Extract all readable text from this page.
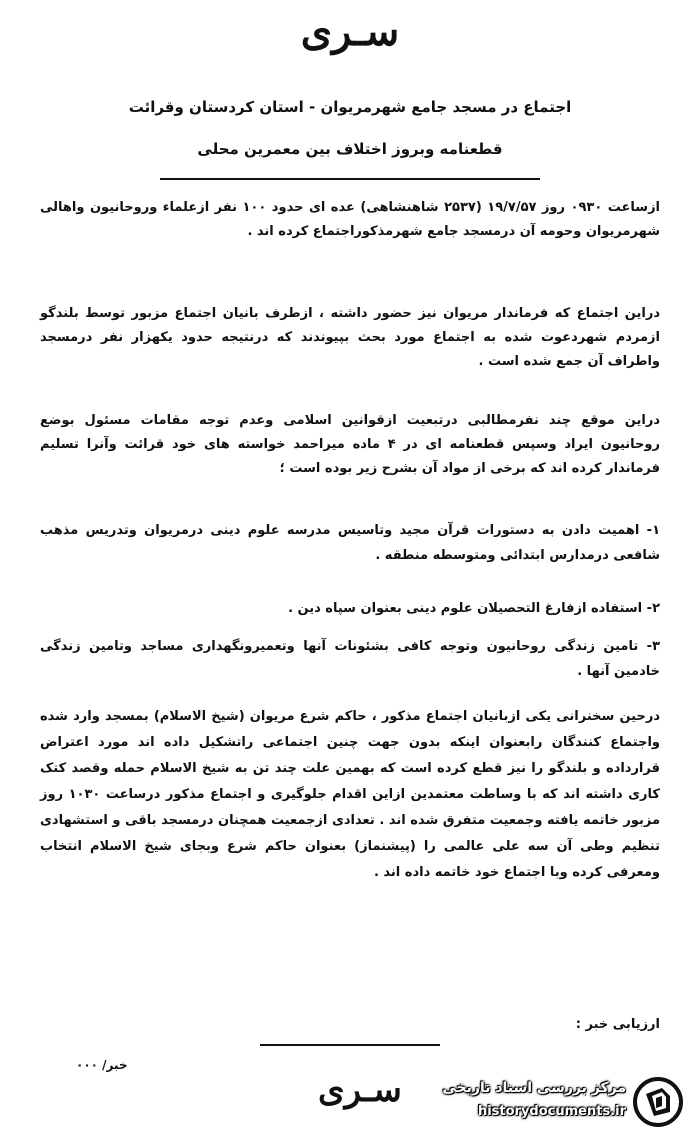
سـری
اجتماع در مسجد جامع شهرمریوان - استان کردستان وقرائت
قطعنامه وبروز اختلاف بین معمرین محلی
ازساعت ۰۹۳۰ روز ۱۹/۷/۵۷ (۲۵۳۷ شاهنشاهی) عده ای حدود ۱۰۰ نفر ازعلماء وروحانیون واهالی شهرمریوان وحومه آن درمسجد جامع شهرمذکوراجتماع کرده اند .
دراین اجتماع که فرماندار مریوان نیز حضور داشته ، ازطرف بانیان اجتماع مزبور توسط بلندگو ازمردم شهردعوت شده به اجتماع مورد بحث بپیوندند که درنتیجه حدود یکهزار نفر درمسجد واطراف آن جمع شده است .
دراین موقع چند نفرمطالبی درتبعیت ازقوانین اسلامی وعدم توجه مقامات مسئول بوضع روحانیون ایراد وسپس قطعنامه ای در ۴ ماده میراحمد خواسته های خود قرائت وآنرا تسلیم فرماندار کرده اند که برخی از مواد آن بشرح زیر بوده است ؛
۱- اهمیت دادن به دستورات قرآن مجید وتاسیس مدرسه علوم دینی درمریوان وتدریس مذهب شافعی درمدارس ابتدائی ومتوسطه منطقه .
۲- استفاده ازفارغ التحصیلان علوم دینی بعنوان سپاه دین .
۳- تامین زندگی روحانیون وتوجه کافی بشئونات آنها وتعمیرونگهداری مساجد وتامین زندگی خادمین آنها .
درحین سخنرانی یکی ازبانیان اجتماع مذکور ، حاکم شرع مریوان (شیخ الاسلام) بمسجد وارد شده واجتماع کنندگان رابعنوان اینکه بدون جهت چنین اجتماعی راتشکیل داده اند مورد اعتراض قرارداده و بلندگو را نیز قطع کرده است که بهمین علت چند تن به شیخ الاسلام حمله وقصد کتک کاری داشته اند که با وساطت معتمدین ازاین اقدام جلوگیری و اجتماع مذکور درساعت ۱۰۳۰ روز مزبور خاتمه یافته وجمعیت متفرق شده اند . تعدادی ازجمعیت همچنان درمسجد باقی و استشهادی تنظیم وطی آن سه علی عالمی را (پیشنماز) بعنوان حاکم شرع وبجای شیخ الاسلام انتخاب ومعرفی کرده وبا اجتماع خود خاتمه داده اند .
ارزیابی خبر :
خبر/ ۰۰۰
سـری	مرکز بررسی اسناد تاریخی
historydocuments.ir
